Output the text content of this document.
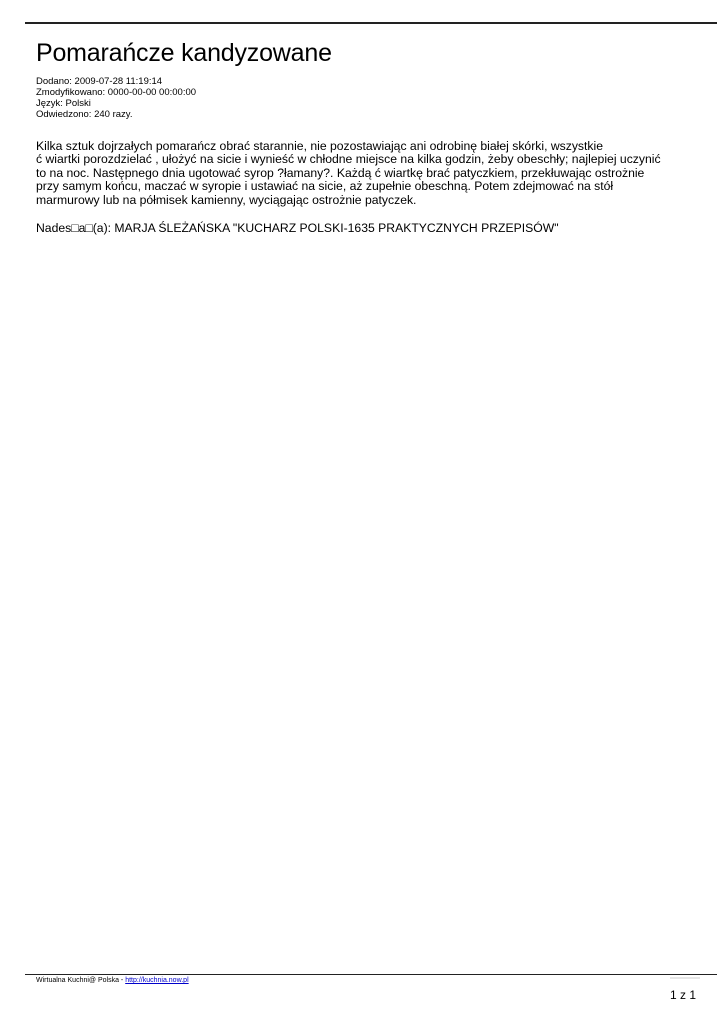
Pomarańcze kandyzowane
Dodano: 2009-07-28 11:19:14
Zmodyfikowano: 0000-00-00 00:00:00
Język: Polski
Odwiedzono: 240 razy.
Kilka sztuk dojrzałych pomarańcz obrać starannie, nie pozostawiając ani odrobinę białej skórki, wszystkie
ć wiartki porozdzielać , ułożyć na sicie i wynieść w chłodne miejsce na kilka godzin, żeby obeschły; najlepiej uczynić
to na noc. Następnego dnia ugotować syrop ?łamany?. Każdą ć wiartkę brać patyczkiem, przekłuwając ostrożnie
przy samym końcu, maczać w syropie i ustawiać na sicie, aż zupełnie obeschną. Potem zdejmować na stół
marmurowy lub na półmisek kamienny, wyciągając ostrożnie patyczek.

Nades□a□(a): MARJA ŚLEŻAŃSKA "KUCHARZ POLSKI-1635 PRAKTYCZNYCH PRZEPISÓW"

Wirtualna Kuchni@ Polska - http://kuchnia.now.pl
1 z 1
